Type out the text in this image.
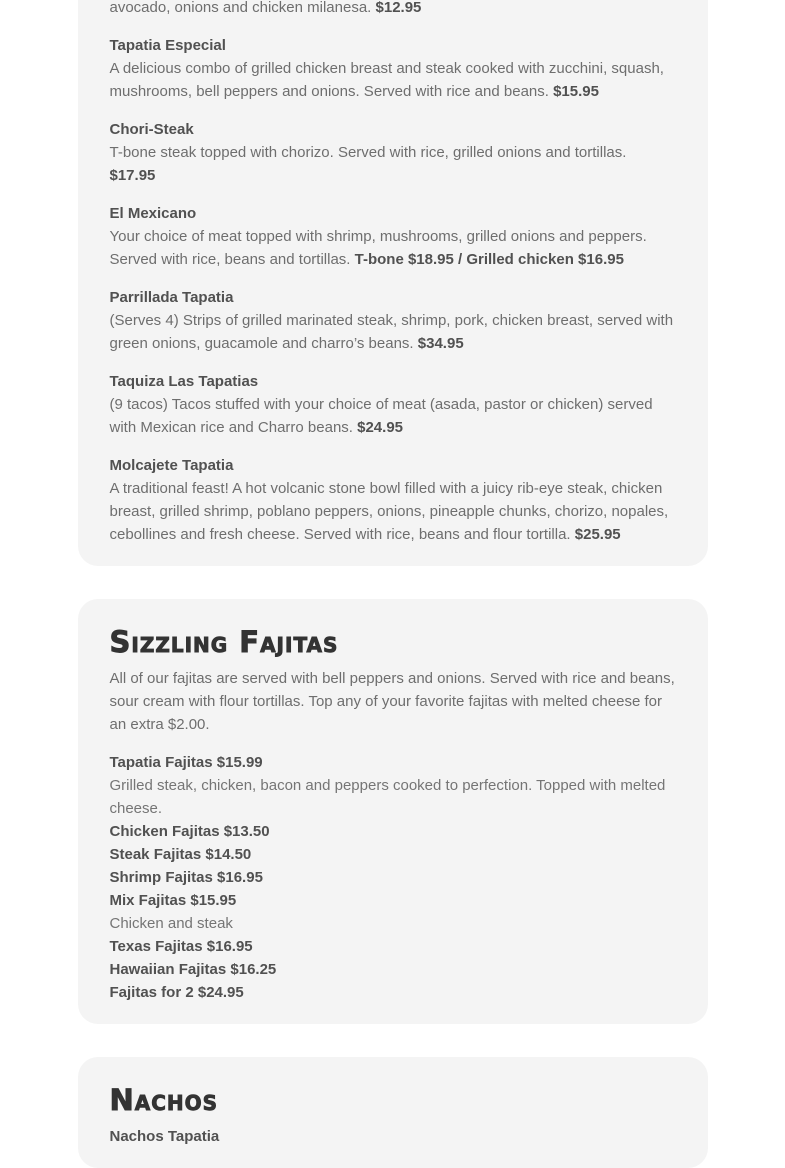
avocado, onions and chicken milanesa. $12.95

Tapatia Especial

A delicious combo of grilled chicken breast and steak cooked with zucchini, squash, mushrooms, bell peppers and onions. Served with rice and beans. $15.95

Chori-Steak

T-bone steak topped with chorizo. Served with rice, grilled onions and tortillas. $17.95

El Mexicano

Your choice of meat topped with shrimp, mushrooms, grilled onions and peppers. Served with rice, beans and tortillas. T-bone $18.95 / Grilled chicken $16.95

Parrillada Tapatia

(Serves 4) Strips of grilled marinated steak, shrimp, pork, chicken breast, served with green onions, guacamole and charro’s beans. $34.95

Taquiza Las Tapatias

(9 tacos) Tacos stuffed with your choice of meat (asada, pastor or chicken) served with Mexican rice and Charro beans. $24.95

Molcajete Tapatia

A traditional feast! A hot volcanic stone bowl filled with a juicy rib-eye steak, chicken breast, grilled shrimp, poblano peppers, onions, pineapple chunks, chorizo, nopales, cebollines and fresh cheese. Served with rice, beans and flour tortilla. $25.95

Sizzling Fajitas

All of our fajitas are served with bell peppers and onions. Served with rice and beans, sour cream with flour tortillas. Top any of your favorite fajitas with melted cheese for an extra $2.00.

Tapatia Fajitas $15.99
Grilled steak, chicken, bacon and peppers cooked to perfection. Topped with melted cheese.
Chicken Fajitas $13.50
Steak Fajitas $14.50
Shrimp Fajitas $16.95
Mix Fajitas $15.95
Chicken and steak
Texas Fajitas $16.95
Hawaiian Fajitas $16.25
Fajitas for 2 $24.95
Nachos
Nachos Tapatia
